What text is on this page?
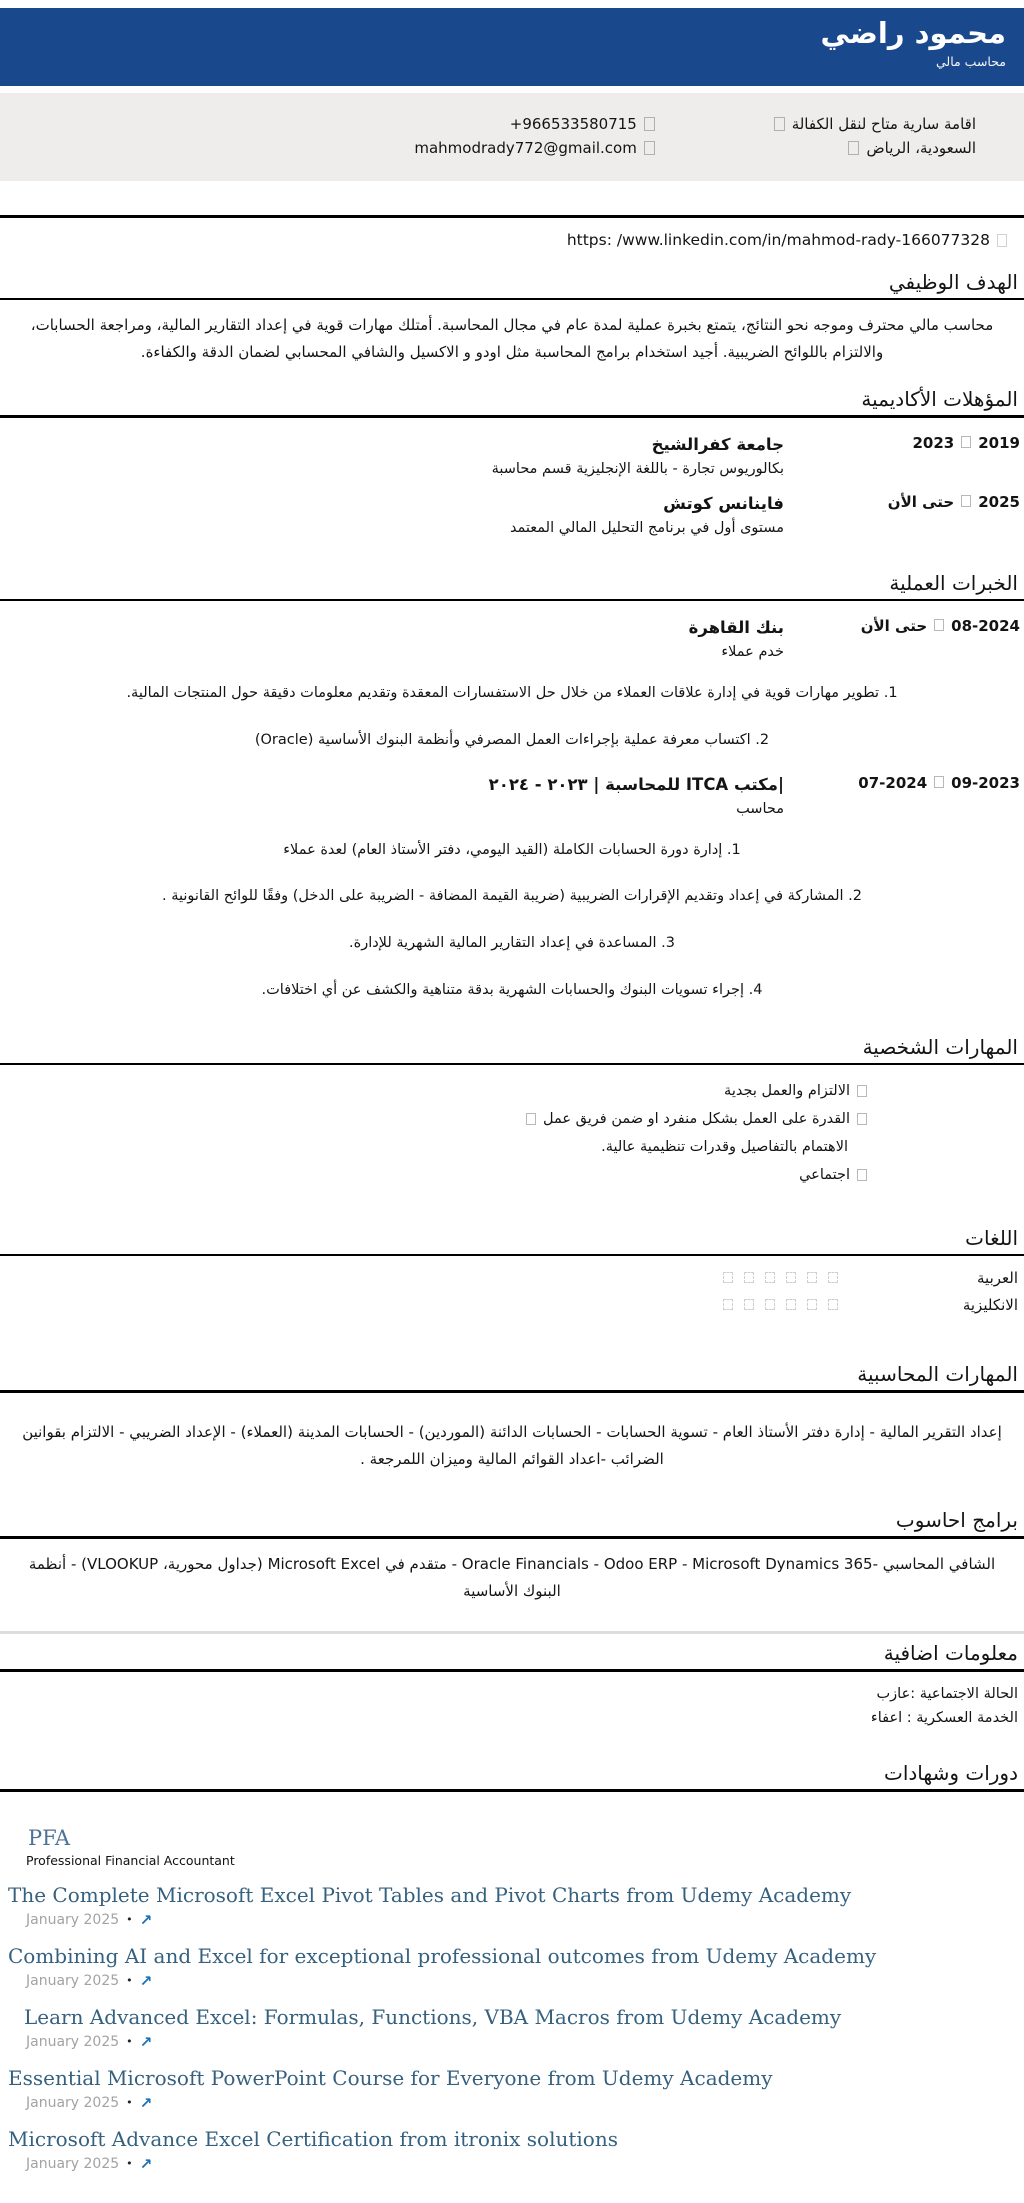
محمود راضي
محاسب مالي
اقامة سارية متاح لنقل الكفالة
السعودية، الرياض
+966533580715
mahmodrady772@gmail.com
https: /www.linkedin.com/in/mahmod-rady-166077328
الهدف الوظيفي

محاسب مالي محترف وموجه نحو النتائج، يتمتع بخبرة عملية لمدة عام في مجال المحاسبة. أمتلك مهارات قوية في إعداد التقارير المالية، ومراجعة الحسابات، والالتزام باللوائح الضريبية. أجيد استخدام برامج المحاسبة مثل اودو و الاكسيل والشافي المحسابي لضمان الدقة والكفاءة.

المؤهلات الأكاديمية
20192023
جامعة كفرالشيخ
بكالوريوس تجارة - باللغة الإنجليزية قسم محاسبة
2025حتى الأن
فاينانس كوتش
مستوى أول في برنامج التحليل المالي المعتمد
الخبرات العملية
08-2024حتى الأن
بنك القاهرة
خدم عملاء

1. تطوير مهارات قوية في إدارة علاقات العملاء من خلال حل الاستفسارات المعقدة وتقديم معلومات دقيقة حول المنتجات المالية.

2. اكتساب معرفة عملية بإجراءات العمل المصرفي وأنظمة البنوك الأساسية (Oracle)

09-202307-2024
|مكتب ITCA للمحاسبة | ٢٠٢٣ - ٢٠٢٤
محاسب

1. إدارة دورة الحسابات الكاملة (القيد اليومي، دفتر الأستاذ العام) لعدة عملاء

2. المشاركة في إعداد وتقديم الإقرارات الضريبية (ضريبة القيمة المضافة - الضريبة على الدخل) وفقًا للوائح القانونية .

3. المساعدة في إعداد التقارير المالية الشهرية للإدارة.

4. إجراء تسويات البنوك والحسابات الشهرية بدقة متناهية والكشف عن أي اختلافات.

المهارات الشخصية
الالتزام والعمل بجدية
القدرة على العمل بشكل منفرد او ضمن فريق عمل
الاهتمام بالتفاصيل وقدرات تنظيمية عالية.
اجتماعي
اللغات
العربية
الانكليزية
المهارات المحاسبية

إعداد التقرير المالية - إدارة دفتر الأستاذ العام - تسوية الحسابات - الحسابات الدائنة (الموردين) - الحسابات المدينة (العملاء) - الإعداد الضريبي - الالتزام بقوانين الضرائب -اعداد القوائم المالية وميزان اللمرجعة .

برامج احاسوب

الشافي المحاسبي -Oracle Financials - Odoo ERP - Microsoft Dynamics 365 - متقدم في Microsoft Excel (جداول محورية، VLOOKUP) - أنظمة البنوك الأساسية

معلومات اضافية

الحالة الاجتماعية :عازب

الخدمة العسكرية : اعفاء

دورات وشهادات
PFA
Professional Financial Accountant
The Complete Microsoft Excel Pivot Tables and Pivot Charts from Udemy Academy
January 2025 • ↗
Combining AI and Excel for exceptional professional outcomes from Udemy Academy
January 2025 • ↗
Learn Advanced Excel: Formulas, Functions, VBA Macros from Udemy Academy
January 2025 • ↗
Essential Microsoft PowerPoint Course for Everyone from Udemy Academy
January 2025 • ↗
Microsoft Advance Excel Certification from itronix solutions
January 2025 • ↗
